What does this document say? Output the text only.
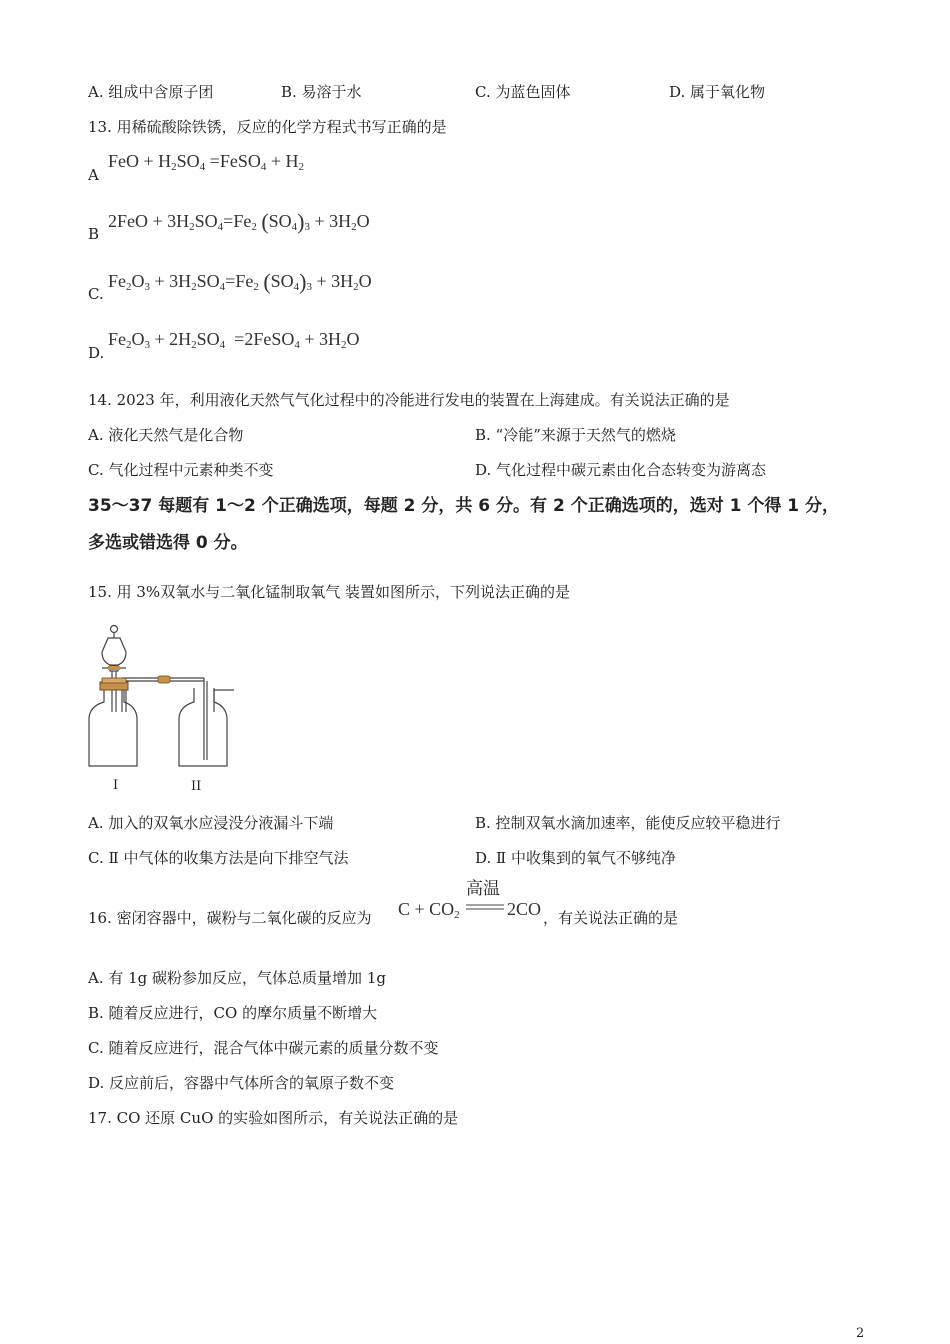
A. 组成中含原子团	B. 易溶于水	C. 为蓝色固体	D. 属于氧化物
13. 用稀硫酸除铁锈，反应的化学方程式书写正确的是
A
FeO + $H_2SO_4$ =FeSO$_4$ + $H_2$
B
$2FeO + 3H_2SO_4=Fe_2$ $(SO_4)_3 + 3H_2O$
C.
$Fe_2O_3 + 3H_2SO_4=Fe_2$ $(SO_4)_3 + 3H_2O$
D.
$Fe_2O_3 + 2H_2SO_4$  =2FeSO$_4$ + $3H_2O$
14. 2023 年，利用液化天然气气化过程中的冷能进行发电的装置在上海建成。有关说法正确的是
A. 液化天然气是化合物	B. “冷能”来源于天然气的燃烧
C. 气化过程中元素种类不变	D. 气化过程中碳元素由化合态转变为游离态
35～37 每题有 1～2 个正确选项，每题 2 分，共 6 分。有 2 个正确选项的，选对 1 个得 1 分，
多选或错选得 0 分。
15. 用 3%双氧水与二氧化锰制取氧气 装置如图所示，下列说法正确的是
I	II
A. 加入的双氧水应浸没分液漏斗下端	B. 控制双氧水滴加速率，能使反应较平稳进行
C. Ⅱ 中气体的收集方法是向下排空气法	D. Ⅱ 中收集到的氧气不够纯净
16. 密闭容器中，碳粉与二氧化碳的反应为 $C + CO_2$
高温
2CO ，有关说法正确的是
A. 有 1g 碳粉参加反应，气体总质量增加 1g
B. 随着反应进行，CO 的摩尔质量不断增大
C. 随着反应进行，混合气体中碳元素的质量分数不变
D. 反应前后，容器中气体所含的氧原子数不变
17. CO 还原 CuO 的实验如图所示，有关说法正确的是
2
